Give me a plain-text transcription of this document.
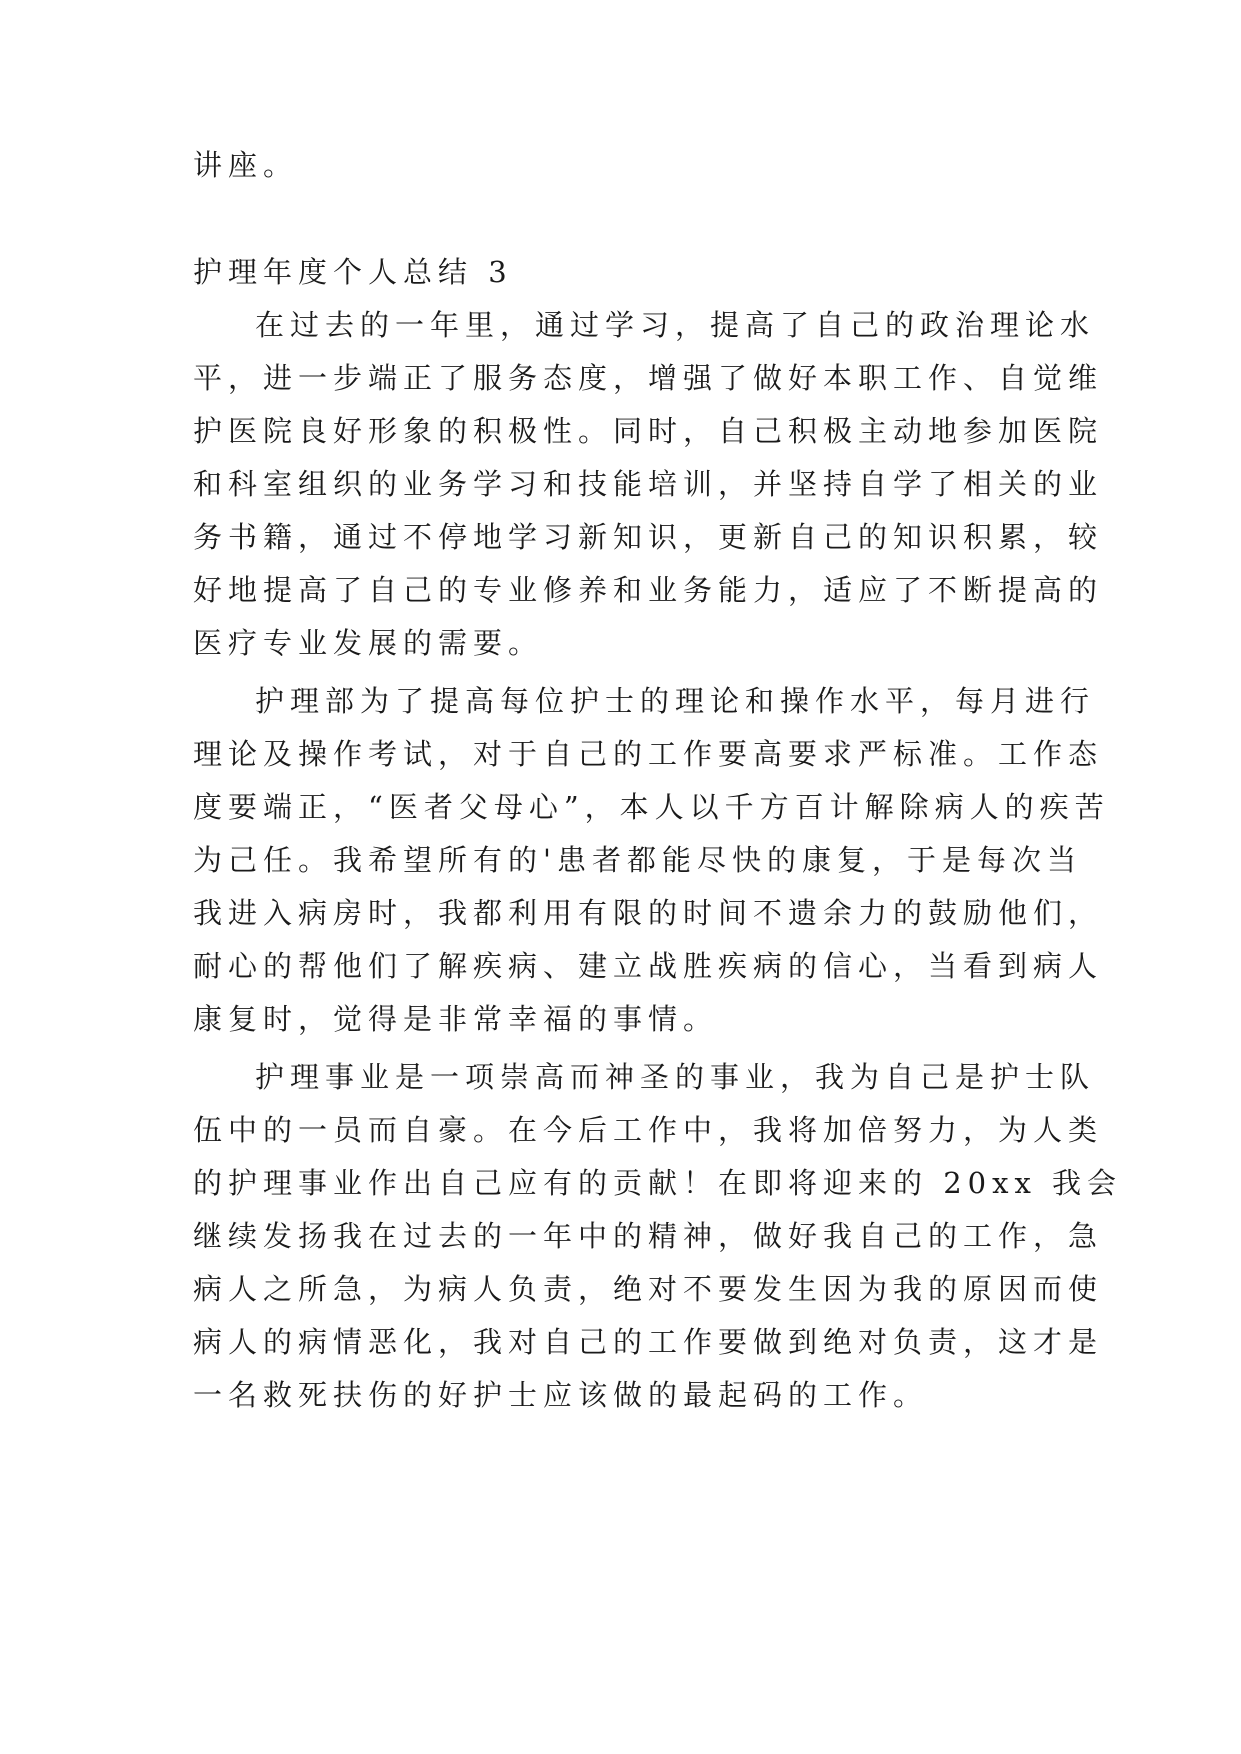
讲座。
护理年度个人总结 3
在过去的一年里，通过学习，提高了自己的政治理论水
平，进一步端正了服务态度，增强了做好本职工作、自觉维
护医院良好形象的积极性。同时，自己积极主动地参加医院
和科室组织的业务学习和技能培训，并坚持自学了相关的业
务书籍，通过不停地学习新知识，更新自己的知识积累，较
好地提高了自己的专业修养和业务能力，适应了不断提高的
医疗专业发展的需要。
护理部为了提高每位护士的理论和操作水平，每月进行
理论及操作考试，对于自己的工作要高要求严标准。工作态
度要端正，“医者父母心”，本人以千方百计解除病人的疾苦
为己任。我希望所有的'患者都能尽快的康复，于是每次当
我进入病房时，我都利用有限的时间不遗余力的鼓励他们，
耐心的帮他们了解疾病、建立战胜疾病的信心，当看到病人
康复时，觉得是非常幸福的事情。
护理事业是一项崇高而神圣的事业，我为自己是护士队
伍中的一员而自豪。在今后工作中，我将加倍努力，为人类
的护理事业作出自己应有的贡献！在即将迎来的 20xx 我会
继续发扬我在过去的一年中的精神，做好我自己的工作，急
病人之所急，为病人负责，绝对不要发生因为我的原因而使
病人的病情恶化，我对自己的工作要做到绝对负责，这才是
一名救死扶伤的好护士应该做的最起码的工作。
